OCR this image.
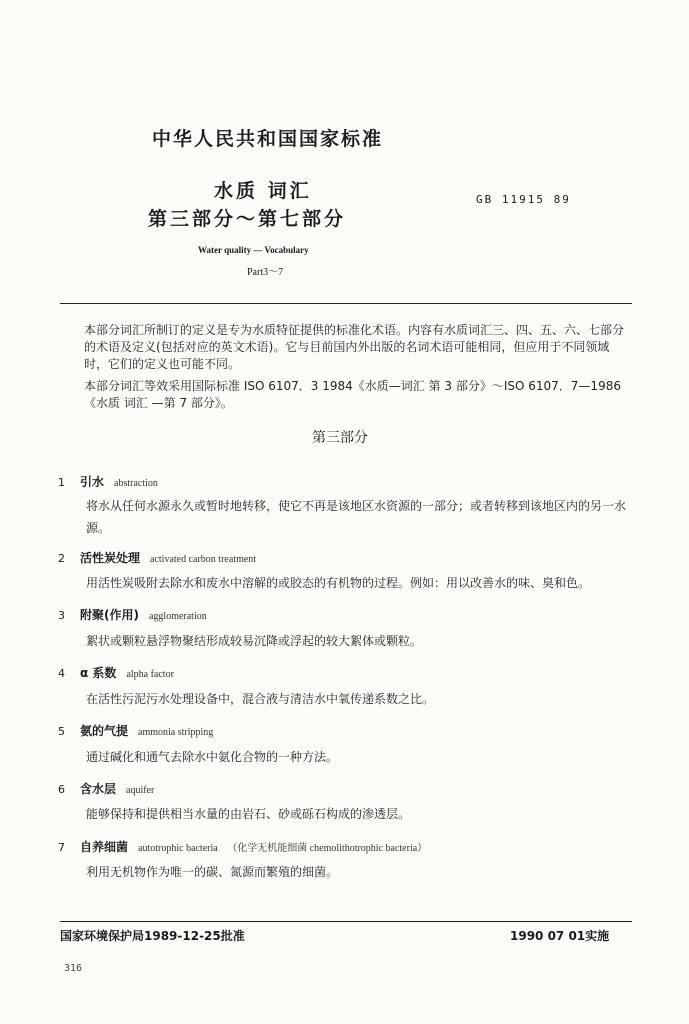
中华人民共和国国家标准
水质 词汇
第三部分～第七部分
GB 11915 89
Water quality — Vocabulary
Part3～7
本部分词汇所制订的定义是专为水质特征提供的标准化术语。内容有水质词汇三、四、五、六、七部分的术语及定义(包括对应的英文术语)。它与目前国内外出版的名词术语可能相同，但应用于不同领域时，它们的定义也可能不同。
本部分词汇等效采用国际标准 ISO 6107．3 1984《水质—词汇 第 3 部分》～ISO 6107．7—1986《水质 词汇 —第 7 部分》。
第三部分
1 引水 abstraction
将水从任何水源永久或暂时地转移，使它不再是该地区水资源的一部分；或者转移到该地区内的另一水源。
2 活性炭处理 activated carbon treatment
用活性炭吸附去除水和废水中溶解的或胶态的有机物的过程。例如：用以改善水的味、臭和色。
3 附聚(作用) agglomeration
絮状或颗粒悬浮物聚结形成较易沉降或浮起的较大絮体或颗粒。
4 α 系数 alpha factor
在活性污泥污水处理设备中，混合液与清洁水中氧传递系数之比。
5 氨的气提 ammonia stripping
通过碱化和通气去除水中氨化合物的一种方法。
6 含水层 aquifer
能够保持和提供相当水量的由岩石、砂或砾石构成的渗透层。
7 自养细菌 autotrophic bacteria （化学无机能细菌 chemolithotrophic bacteria）
利用无机物作为唯一的碳、氮源而繁殖的细菌。
国家环境保护局1989-12-25批准	1990 07 01实施
316
